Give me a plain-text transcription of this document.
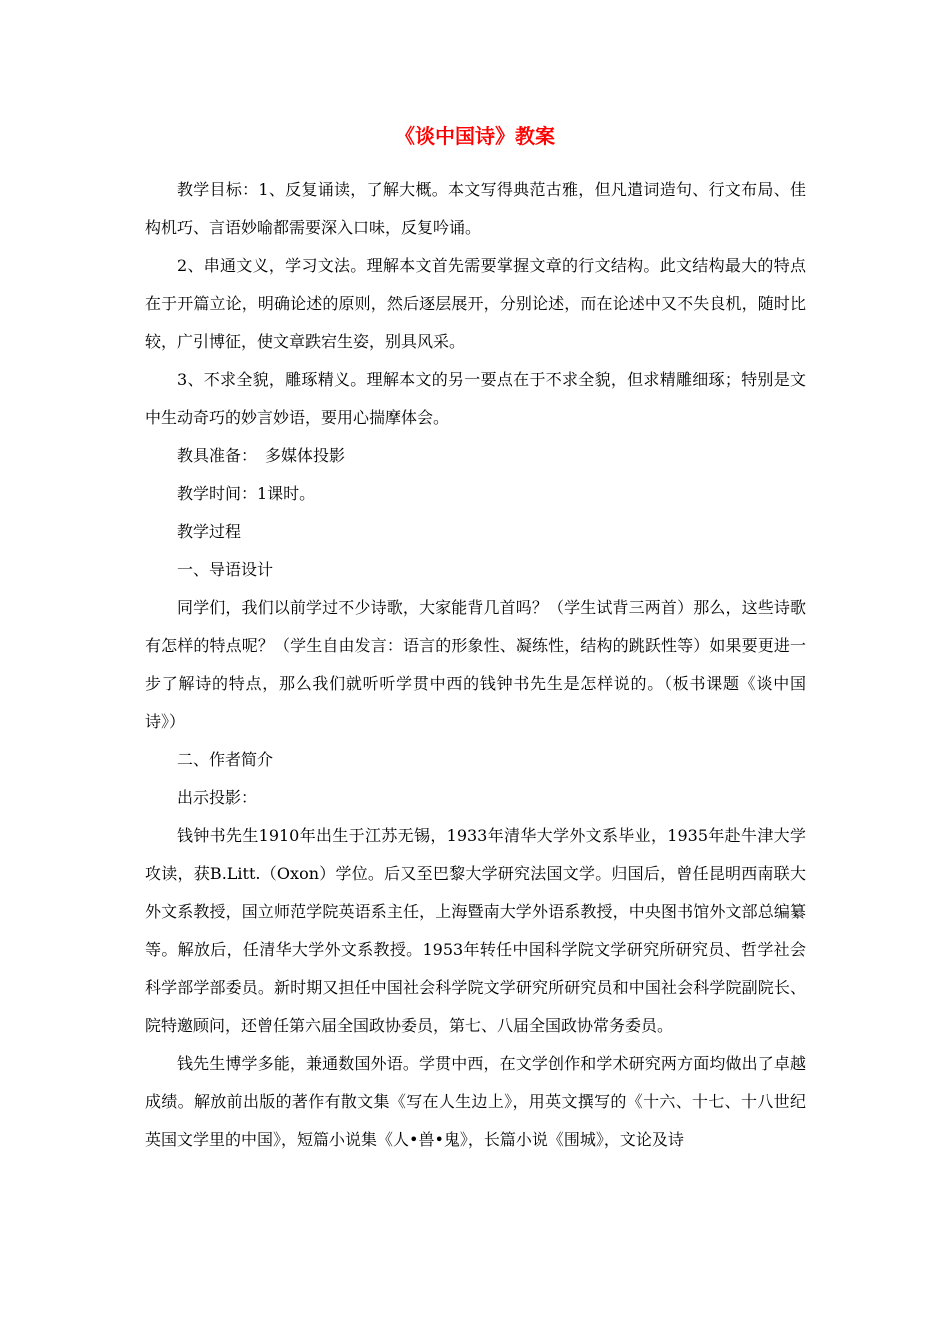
《谈中国诗》教案

教学目标：1、反复诵读，了解大概。本文写得典范古雅，但凡遣词造句、行文布局、佳构机巧、言语妙喻都需要深入口味，反复吟诵。

2、串通文义，学习文法。理解本文首先需要掌握文章的行文结构。此文结构最大的特点在于开篇立论，明确论述的原则，然后逐层展开，分别论述，而在论述中又不失良机，随时比较，广引博征，使文章跌宕生姿，别具风采。

3、不求全貌，雕琢精义。理解本文的另一要点在于不求全貌，但求精雕细琢；特别是文中生动奇巧的妙言妙语，要用心揣摩体会。

教具准备：　多媒体投影

教学时间：1课时。

教学过程

一、导语设计

同学们，我们以前学过不少诗歌，大家能背几首吗？（学生试背三两首）那么，这些诗歌有怎样的特点呢？（学生自由发言：语言的形象性、凝练性，结构的跳跃性等）如果要更进一步了解诗的特点，那么我们就听听学贯中西的钱钟书先生是怎样说的。（板书课题《谈中国诗》）

二、作者简介

出示投影：

钱钟书先生1910年出生于江苏无锡，1933年清华大学外文系毕业，1935年赴牛津大学攻读，获B.Litt.（Oxon）学位。后又至巴黎大学研究法国文学。归国后，曾任昆明西南联大外文系教授，国立师范学院英语系主任，上海暨南大学外语系教授，中央图书馆外文部总编纂等。解放后，任清华大学外文系教授。1953年转任中国科学院文学研究所研究员、哲学社会科学部学部委员。新时期又担任中国社会科学院文学研究所研究员和中国社会科学院副院长、院特邀顾问，还曾任第六届全国政协委员，第七、八届全国政协常务委员。

钱先生博学多能，兼通数国外语。学贯中西，在文学创作和学术研究两方面均做出了卓越成绩。解放前出版的著作有散文集《写在人生边上》，用英文撰写的《十六、十七、十八世纪英国文学里的中国》，短篇小说集《人•兽•鬼》，长篇小说《围城》，文论及诗
